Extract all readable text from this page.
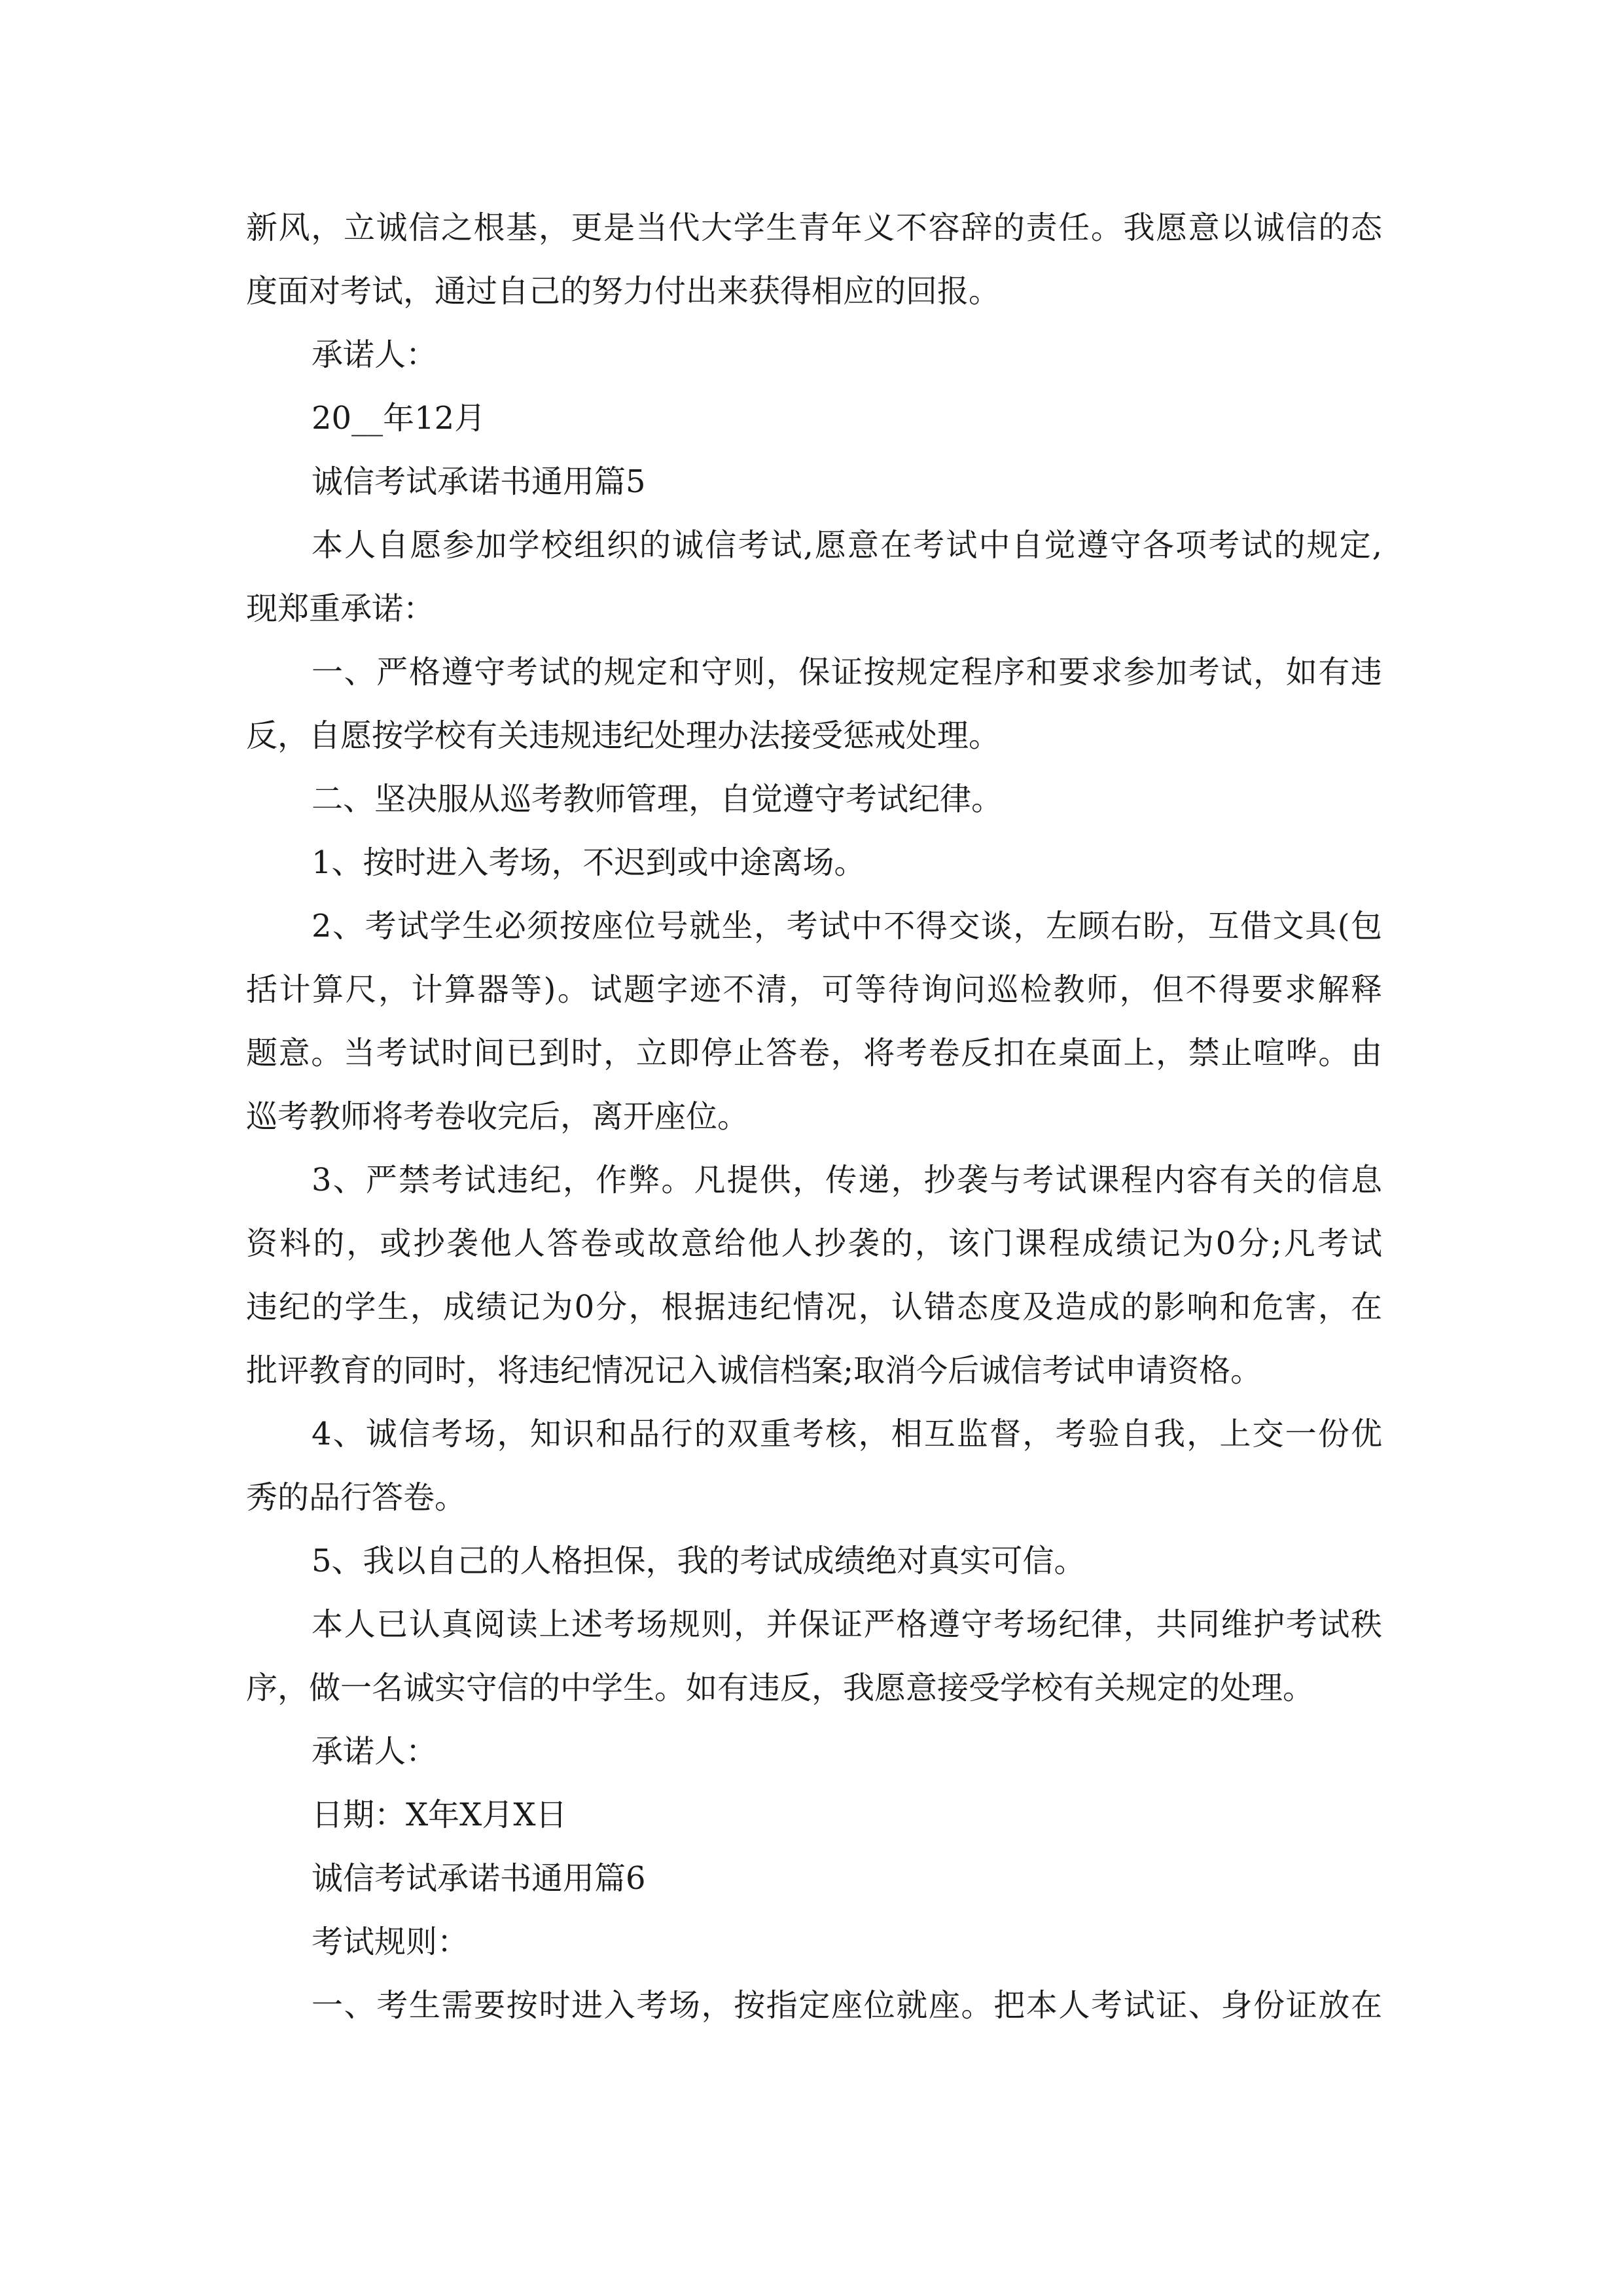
新风，立诚信之根基，更是当代大学生青年义不容辞的责任。我愿意以诚信的态
度面对考试，通过自己的努力付出来获得相应的回报。
承诺人：
20__年12月
诚信考试承诺书通用篇5
本人自愿参加学校组织的诚信考试,愿意在考试中自觉遵守各项考试的规定,
现郑重承诺：
一、严格遵守考试的规定和守则，保证按规定程序和要求参加考试，如有违
反，自愿按学校有关违规违纪处理办法接受惩戒处理。
二、坚决服从巡考教师管理，自觉遵守考试纪律。
1、按时进入考场，不迟到或中途离场。
2、考试学生必须按座位号就坐，考试中不得交谈，左顾右盼，互借文具(包
括计算尺，计算器等)。试题字迹不清，可等待询问巡检教师，但不得要求解释
题意。当考试时间已到时，立即停止答卷，将考卷反扣在桌面上，禁止喧哗。由
巡考教师将考卷收完后，离开座位。
3、严禁考试违纪，作弊。凡提供，传递，抄袭与考试课程内容有关的信息
资料的，或抄袭他人答卷或故意给他人抄袭的，该门课程成绩记为0分;凡考试
违纪的学生，成绩记为0分，根据违纪情况，认错态度及造成的影响和危害，在
批评教育的同时，将违纪情况记入诚信档案;取消今后诚信考试申请资格。
4、诚信考场，知识和品行的双重考核，相互监督，考验自我，上交一份优
秀的品行答卷。
5、我以自己的人格担保，我的考试成绩绝对真实可信。
本人已认真阅读上述考场规则，并保证严格遵守考场纪律，共同维护考试秩
序，做一名诚实守信的中学生。如有违反，我愿意接受学校有关规定的处理。
承诺人：
日期：X年X月X日
诚信考试承诺书通用篇6
考试规则：
一、考生需要按时进入考场，按指定座位就座。把本人考试证、身份证放在
